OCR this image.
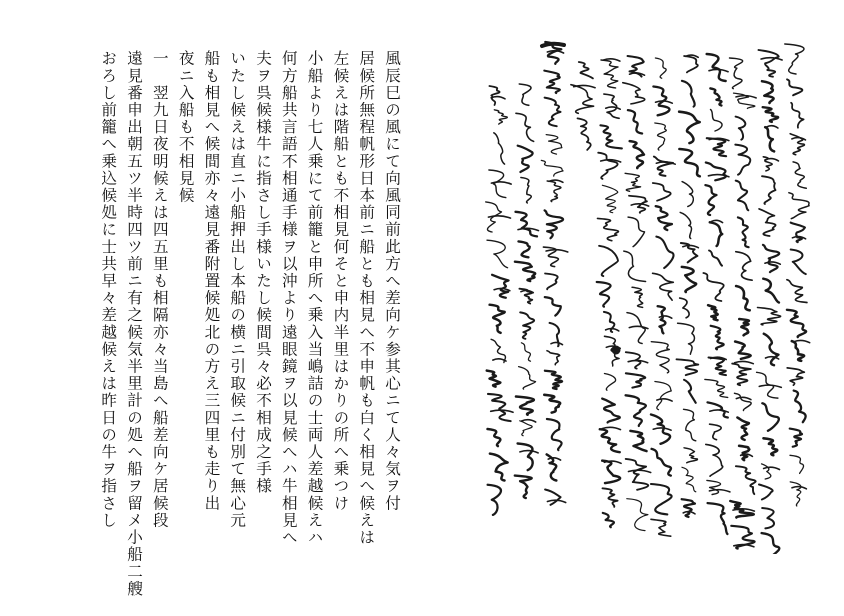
風辰巳の風にて向風同前此方へ差向ケ参其心ニて人々気ヲ付
居候所無程帆形日本前ニ船とも相見へ不申帆も白く相見へ候えは
左候えは階船とも不相見何そと申内半里はかりの所へ乗つけ
小船より七人乗にて前籠と申所へ乗入当嶋詰の士両人差越候えハ
何方船共言語不相通手様ヲ以沖より遠眼鏡ヲ以見候へハ牛相見へ
夫ヲ呉候様牛に指さし手様いたし候間呉々必不相成之手様
いたし候えは直ニ小船押出し本船の横ニ引取候ニ付別て無心元
船も相見へ候間亦々遠見番附置候処北の方え三四里も走り出
夜ニ入船も不相見候
一　翌九日夜明候えは四五里も相隔亦々当島へ船差向ケ居候段
遠見番申出朝五ツ半時四ツ前ニ有之候気半里計の処へ船ヲ留メ小船二艘
おろし前籠へ乗込候処に士共早々差越候えは昨日の牛ヲ指さし
